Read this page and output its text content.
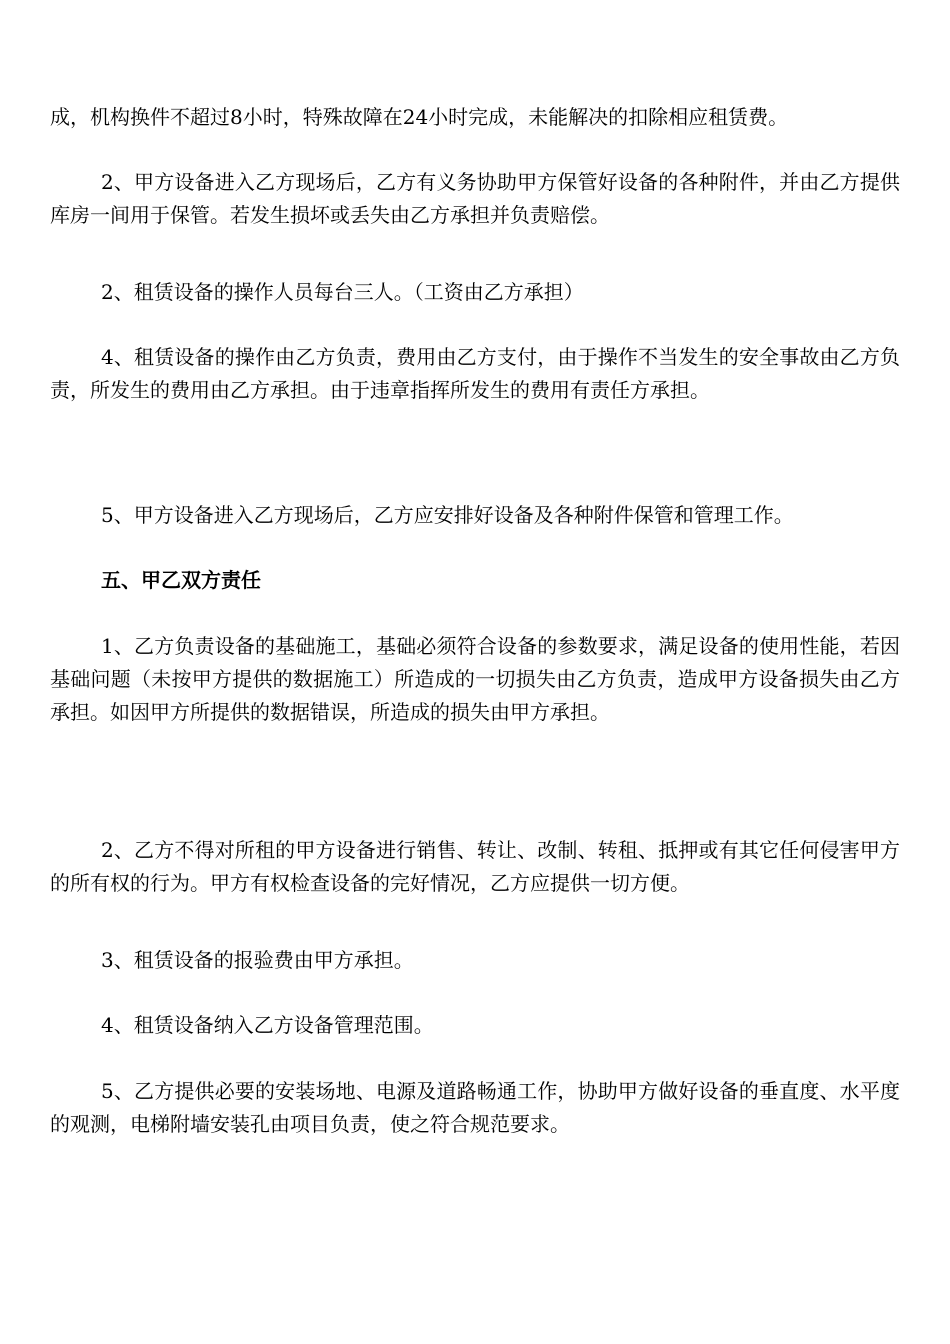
成，机构换件不超过8小时，特殊故障在24小时完成，未能解决的扣除相应租赁费。

2、甲方设备进入乙方现场后，乙方有义务协助甲方保管好设备的各种附件，并由乙方提供库房一间用于保管。若发生损坏或丢失由乙方承担并负责赔偿。

2、租赁设备的操作人员每台三人。（工资由乙方承担）

4、租赁设备的操作由乙方负责，费用由乙方支付，由于操作不当发生的安全事故由乙方负责，所发生的费用由乙方承担。由于违章指挥所发生的费用有责任方承担。

5、甲方设备进入乙方现场后，乙方应安排好设备及各种附件保管和管理工作。

五、甲乙双方责任

1、乙方负责设备的基础施工，基础必须符合设备的参数要求，满足设备的使用性能，若因基础问题（未按甲方提供的数据施工）所造成的一切损失由乙方负责，造成甲方设备损失由乙方承担。如因甲方所提供的数据错误，所造成的损失由甲方承担。

2、乙方不得对所租的甲方设备进行销售、转让、改制、转租、抵押或有其它任何侵害甲方的所有权的行为。甲方有权检查设备的完好情况，乙方应提供一切方便。

3、租赁设备的报验费由甲方承担。

4、租赁设备纳入乙方设备管理范围。

5、乙方提供必要的安装场地、电源及道路畅通工作，协助甲方做好设备的垂直度、水平度的观测，电梯附墙安装孔由项目负责，使之符合规范要求。
